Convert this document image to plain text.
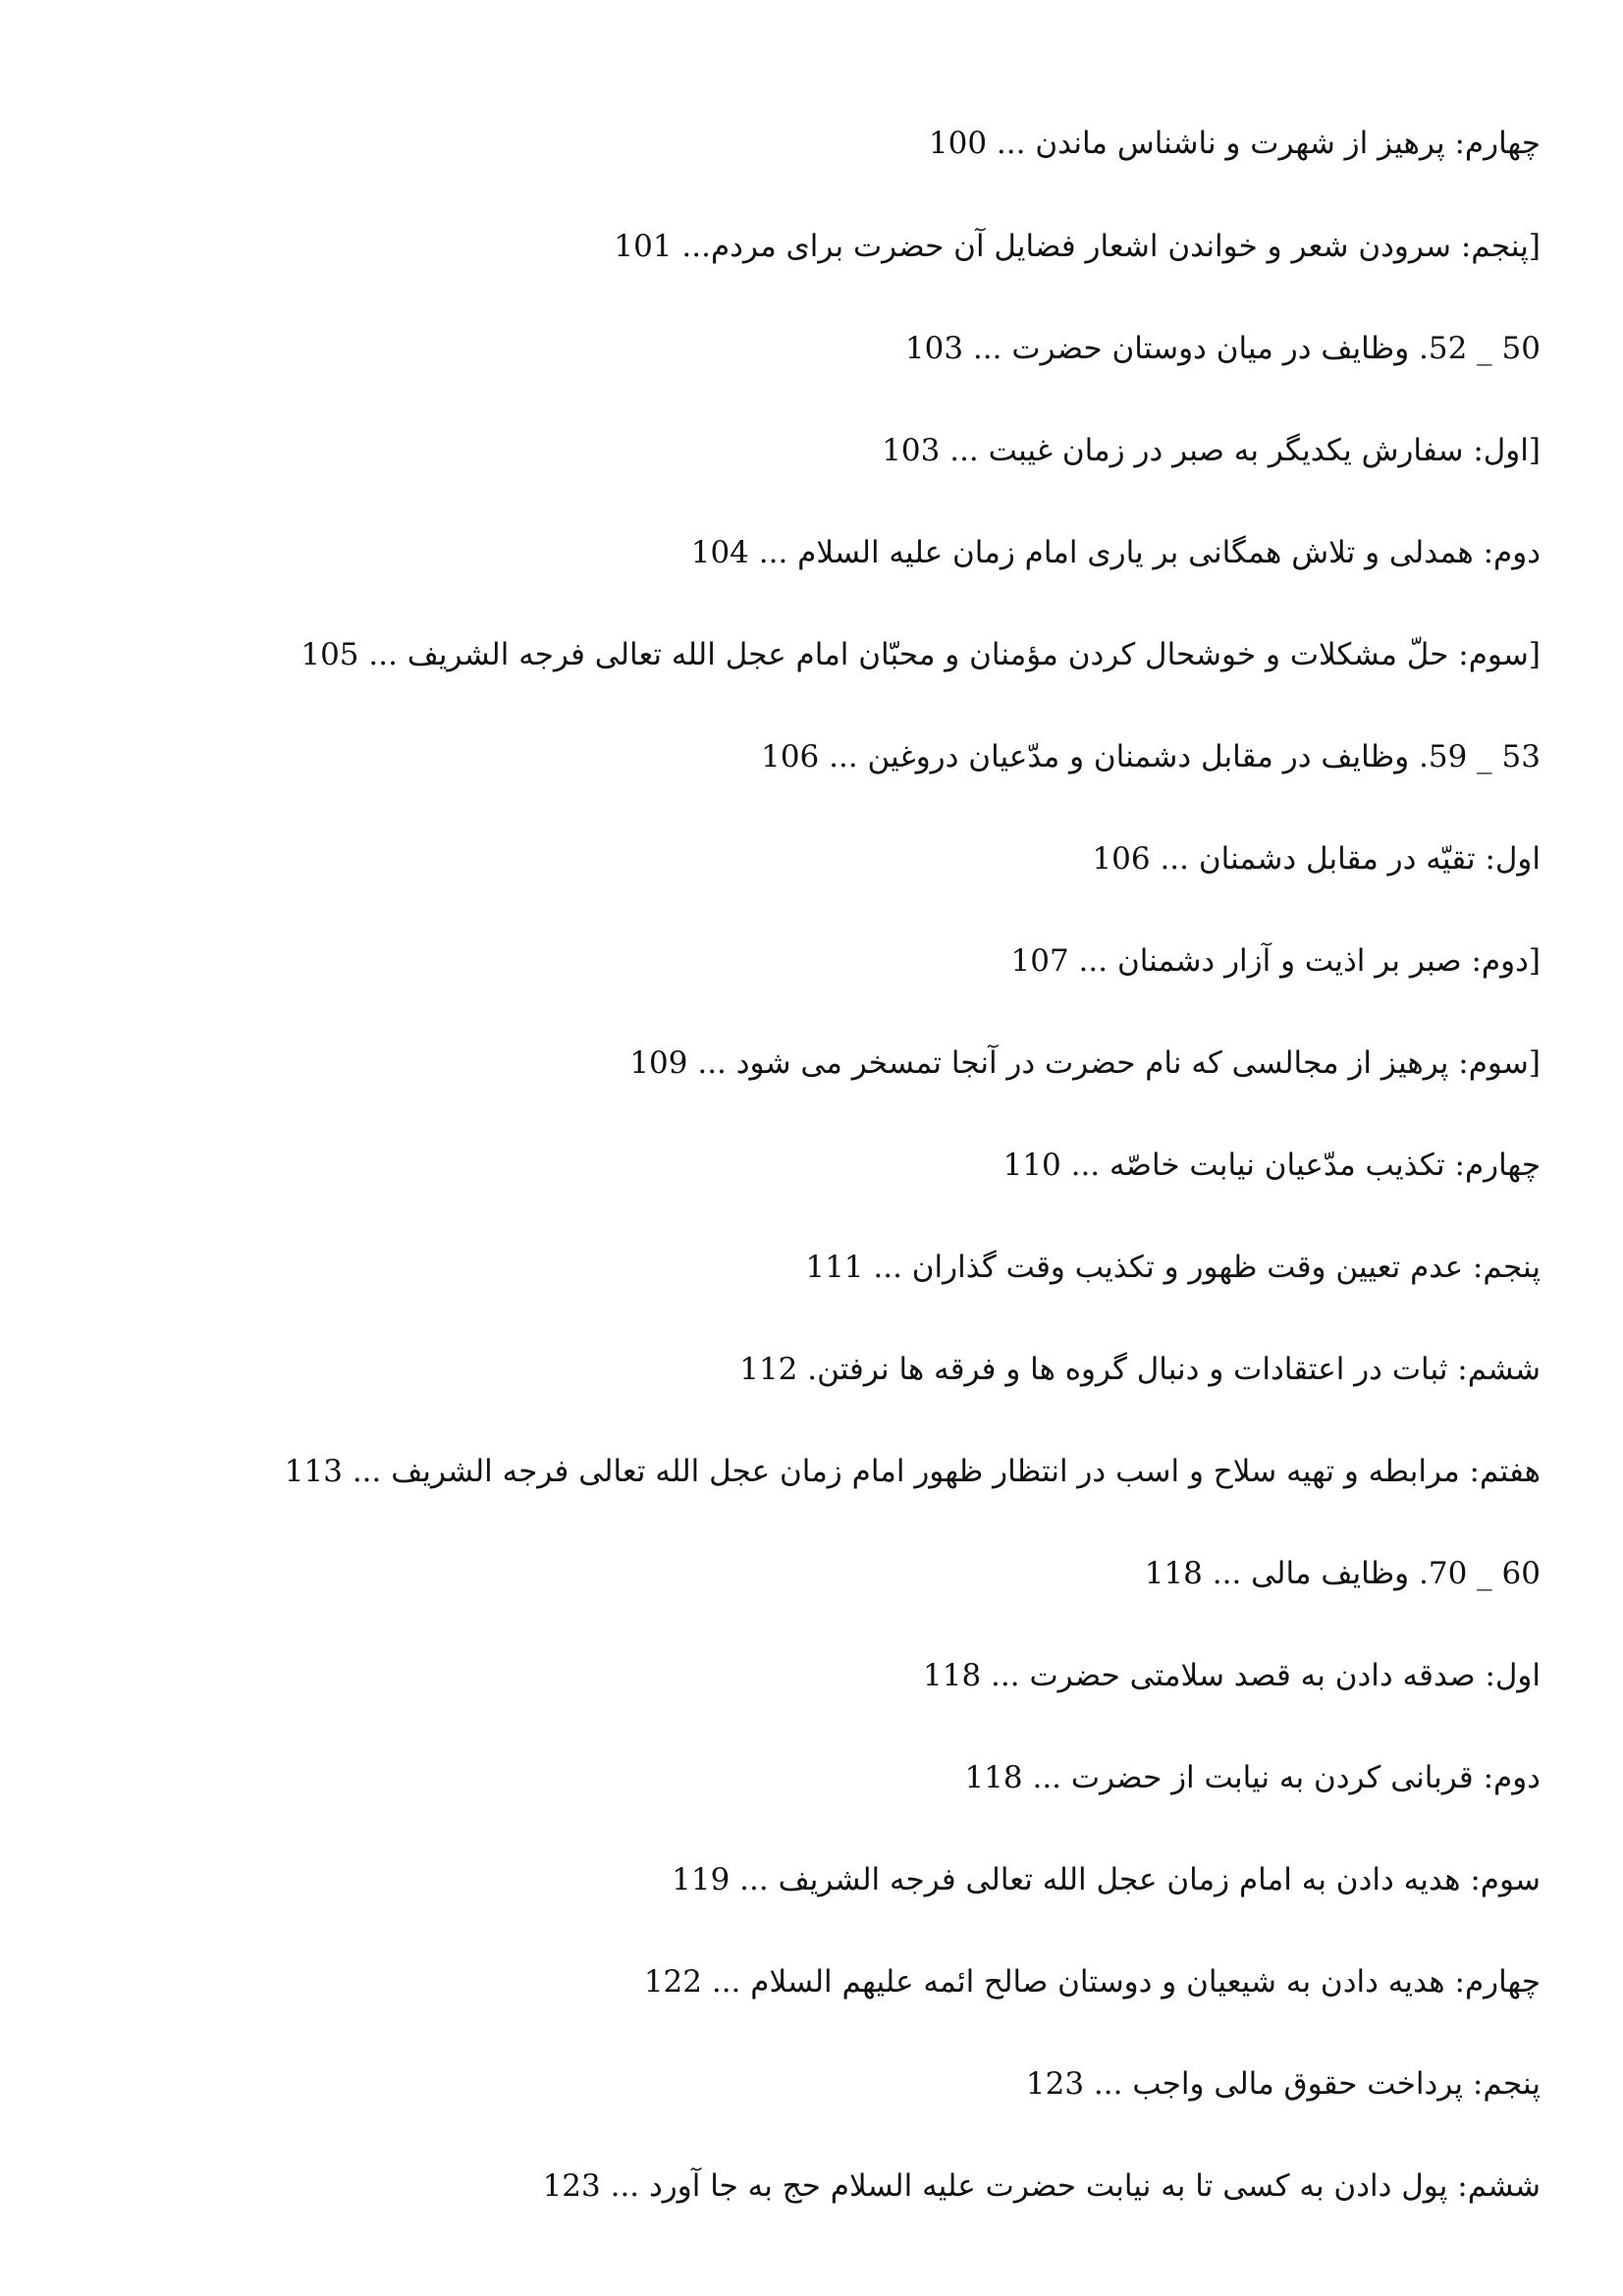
چهارم: پرهیز از شهرت و ناشناس ماندن ... 100
[پنجم: سرودن شعر و خواندن اشعار فضایل آن حضرت برای مردم... 101
50 _ 52. وظایف در میان دوستان حضرت ... 103
[اول: سفارش یکدیگر به صبر در زمان غیبت ... 103
دوم: همدلی و تلاش همگانی بر یاری امام زمان علیه السلام ... 104
[سوم: حلّ مشکلات و خوشحال کردن مؤمنان و محبّان امام عجل الله تعالی فرجه الشریف ... 105
53 _ 59. وظایف در مقابل دشمنان و مدّعیان دروغین ... 106
اول: تقیّه در مقابل دشمنان ... 106
[دوم: صبر بر اذیت و آزار دشمنان ... 107
[سوم: پرهیز از مجالسی که نام حضرت در آنجا تمسخر می شود ... 109
چهارم: تکذیب مدّعیان نیابت خاصّه ... 110
پنجم: عدم تعیین وقت ظهور و تکذیب وقت گذاران ... 111
ششم: ثبات در اعتقادات و دنبال گروه ها و فرقه ها نرفتن. 112
هفتم: مرابطه و تهیه سلاح و اسب در انتظار ظهور امام زمان عجل الله تعالی فرجه الشریف ... 113
60 _ 70. وظایف مالی ... 118
اول: صدقه دادن به قصد سلامتی حضرت ... 118
دوم: قربانی کردن به نیابت از حضرت ... 118
سوم: هدیه دادن به امام زمان عجل الله تعالی فرجه الشریف ... 119
چهارم: هدیه دادن به شیعیان و دوستان صالح ائمه علیهم السلام ... 122
پنجم: پرداخت حقوق مالی واجب ... 123
ششم: پول دادن به کسی تا به نیابت حضرت علیه السلام حج به جا آورد ... 123
